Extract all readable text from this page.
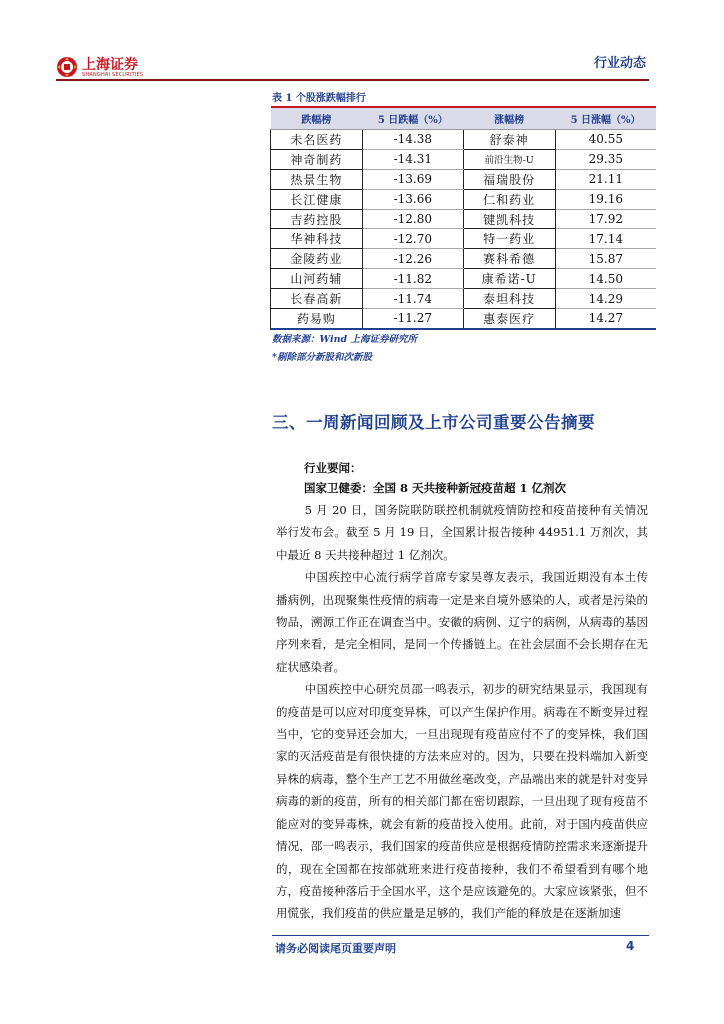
上海证券
SHANGHAI SECURITIES
行业动态
表 1 个股涨跌幅排行
跌幅榜	5 日跌幅（%）	涨幅榜	5 日涨幅（%）
未名医药	-14.38	舒泰神	40.55
神奇制药	-14.31	前沿生物-U	29.35
热景生物	-13.69	福瑞股份	21.11
长江健康	-13.66	仁和药业	19.16
吉药控股	-12.80	键凯科技	17.92
华神科技	-12.70	特一药业	17.14
金陵药业	-12.26	赛科希德	15.87
山河药辅	-11.82	康希诺-U	14.50
长春高新	-11.74	泰坦科技	14.29
药易购	-11.27	惠泰医疗	14.27
数据来源：Wind 上海证券研究所
*剔除部分新股和次新股
三、一周新闻回顾及上市公司重要公告摘要
行业要闻：
国家卫健委：全国 8 天共接种新冠疫苗超 1 亿剂次

5 月 20 日，国务院联防联控机制就疫情防控和疫苗接种有关情况举行发布会。截至 5 月 19 日，全国累计报告接种 44951.1 万剂次，其中最近 8 天共接种超过 1 亿剂次。

中国疾控中心流行病学首席专家吴尊友表示，我国近期没有本土传播病例，出现聚集性疫情的病毒一定是来自境外感染的人，或者是污染的物品，溯源工作正在调查当中。安徽的病例、辽宁的病例，从病毒的基因序列来看，是完全相同，是同一个传播链上。在社会层面不会长期存在无症状感染者。

中国疾控中心研究员邵一鸣表示，初步的研究结果显示，我国现有的疫苗是可以应对印度变异株，可以产生保护作用。病毒在不断变异过程当中，它的变异还会加大，一旦出现现有疫苗应付不了的变异株，我们国家的灭活疫苗是有很快捷的方法来应对的。因为，只要在投料端加入新变异株的病毒，整个生产工艺不用做丝毫改变，产品端出来的就是针对变异病毒的新的疫苗，所有的相关部门都在密切跟踪，一旦出现了现有疫苗不能应对的变异毒株，就会有新的疫苗投入使用。此前，对于国内疫苗供应情况，邵一鸣表示，我们国家的疫苗供应是根据疫情防控需求来逐渐提升的，现在全国都在按部就班来进行疫苗接种，我们不希望看到有哪个地方，疫苗接种落后于全国水平，这个是应该避免的。大家应该紧张，但不用慌张，我们疫苗的供应量是足够的，我们产能的释放是在逐渐加速

请务必阅读尾页重要声明	4
